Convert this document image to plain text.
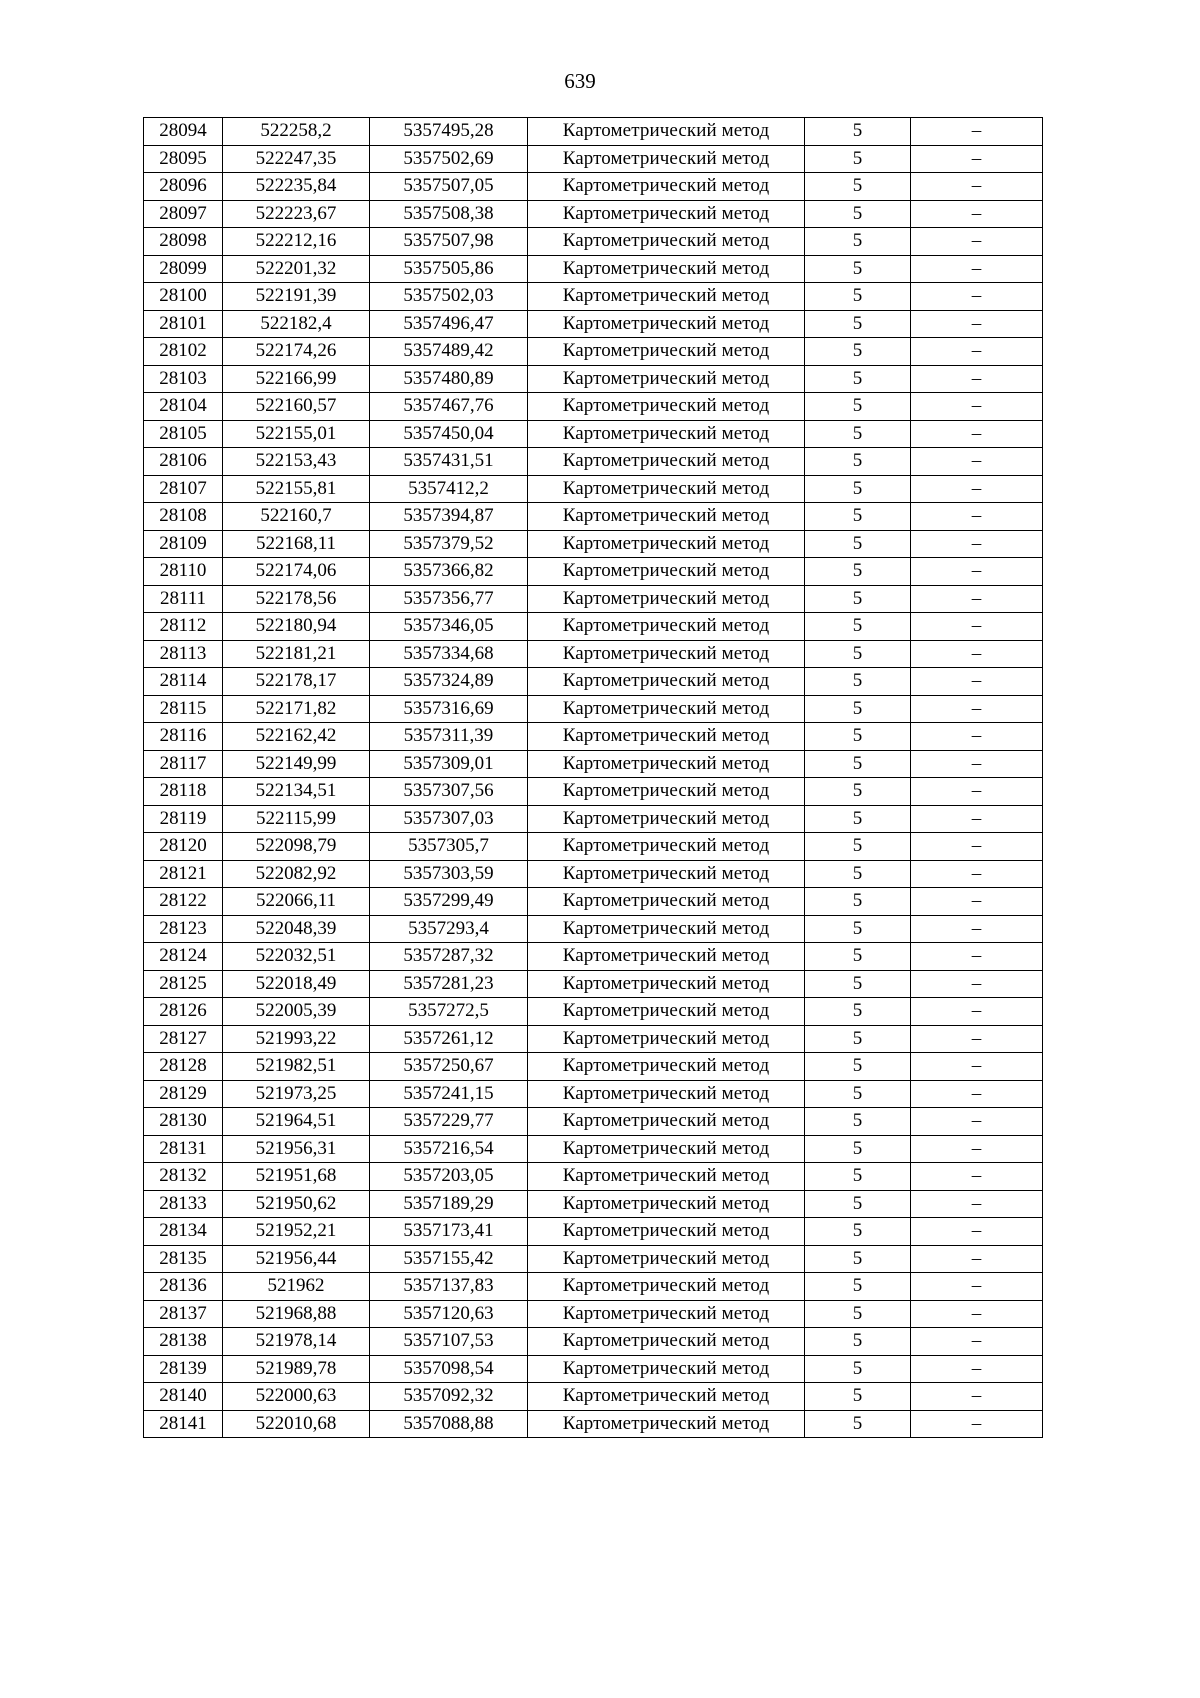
639
28094	522258,2	5357495,28	Картометрический метод	5	–
28095	522247,35	5357502,69	Картометрический метод	5	–
28096	522235,84	5357507,05	Картометрический метод	5	–
28097	522223,67	5357508,38	Картометрический метод	5	–
28098	522212,16	5357507,98	Картометрический метод	5	–
28099	522201,32	5357505,86	Картометрический метод	5	–
28100	522191,39	5357502,03	Картометрический метод	5	–
28101	522182,4	5357496,47	Картометрический метод	5	–
28102	522174,26	5357489,42	Картометрический метод	5	–
28103	522166,99	5357480,89	Картометрический метод	5	–
28104	522160,57	5357467,76	Картометрический метод	5	–
28105	522155,01	5357450,04	Картометрический метод	5	–
28106	522153,43	5357431,51	Картометрический метод	5	–
28107	522155,81	5357412,2	Картометрический метод	5	–
28108	522160,7	5357394,87	Картометрический метод	5	–
28109	522168,11	5357379,52	Картометрический метод	5	–
28110	522174,06	5357366,82	Картометрический метод	5	–
28111	522178,56	5357356,77	Картометрический метод	5	–
28112	522180,94	5357346,05	Картометрический метод	5	–
28113	522181,21	5357334,68	Картометрический метод	5	–
28114	522178,17	5357324,89	Картометрический метод	5	–
28115	522171,82	5357316,69	Картометрический метод	5	–
28116	522162,42	5357311,39	Картометрический метод	5	–
28117	522149,99	5357309,01	Картометрический метод	5	–
28118	522134,51	5357307,56	Картометрический метод	5	–
28119	522115,99	5357307,03	Картометрический метод	5	–
28120	522098,79	5357305,7	Картометрический метод	5	–
28121	522082,92	5357303,59	Картометрический метод	5	–
28122	522066,11	5357299,49	Картометрический метод	5	–
28123	522048,39	5357293,4	Картометрический метод	5	–
28124	522032,51	5357287,32	Картометрический метод	5	–
28125	522018,49	5357281,23	Картометрический метод	5	–
28126	522005,39	5357272,5	Картометрический метод	5	–
28127	521993,22	5357261,12	Картометрический метод	5	–
28128	521982,51	5357250,67	Картометрический метод	5	–
28129	521973,25	5357241,15	Картометрический метод	5	–
28130	521964,51	5357229,77	Картометрический метод	5	–
28131	521956,31	5357216,54	Картометрический метод	5	–
28132	521951,68	5357203,05	Картометрический метод	5	–
28133	521950,62	5357189,29	Картометрический метод	5	–
28134	521952,21	5357173,41	Картометрический метод	5	–
28135	521956,44	5357155,42	Картометрический метод	5	–
28136	521962	5357137,83	Картометрический метод	5	–
28137	521968,88	5357120,63	Картометрический метод	5	–
28138	521978,14	5357107,53	Картометрический метод	5	–
28139	521989,78	5357098,54	Картометрический метод	5	–
28140	522000,63	5357092,32	Картометрический метод	5	–
28141	522010,68	5357088,88	Картометрический метод	5	–
